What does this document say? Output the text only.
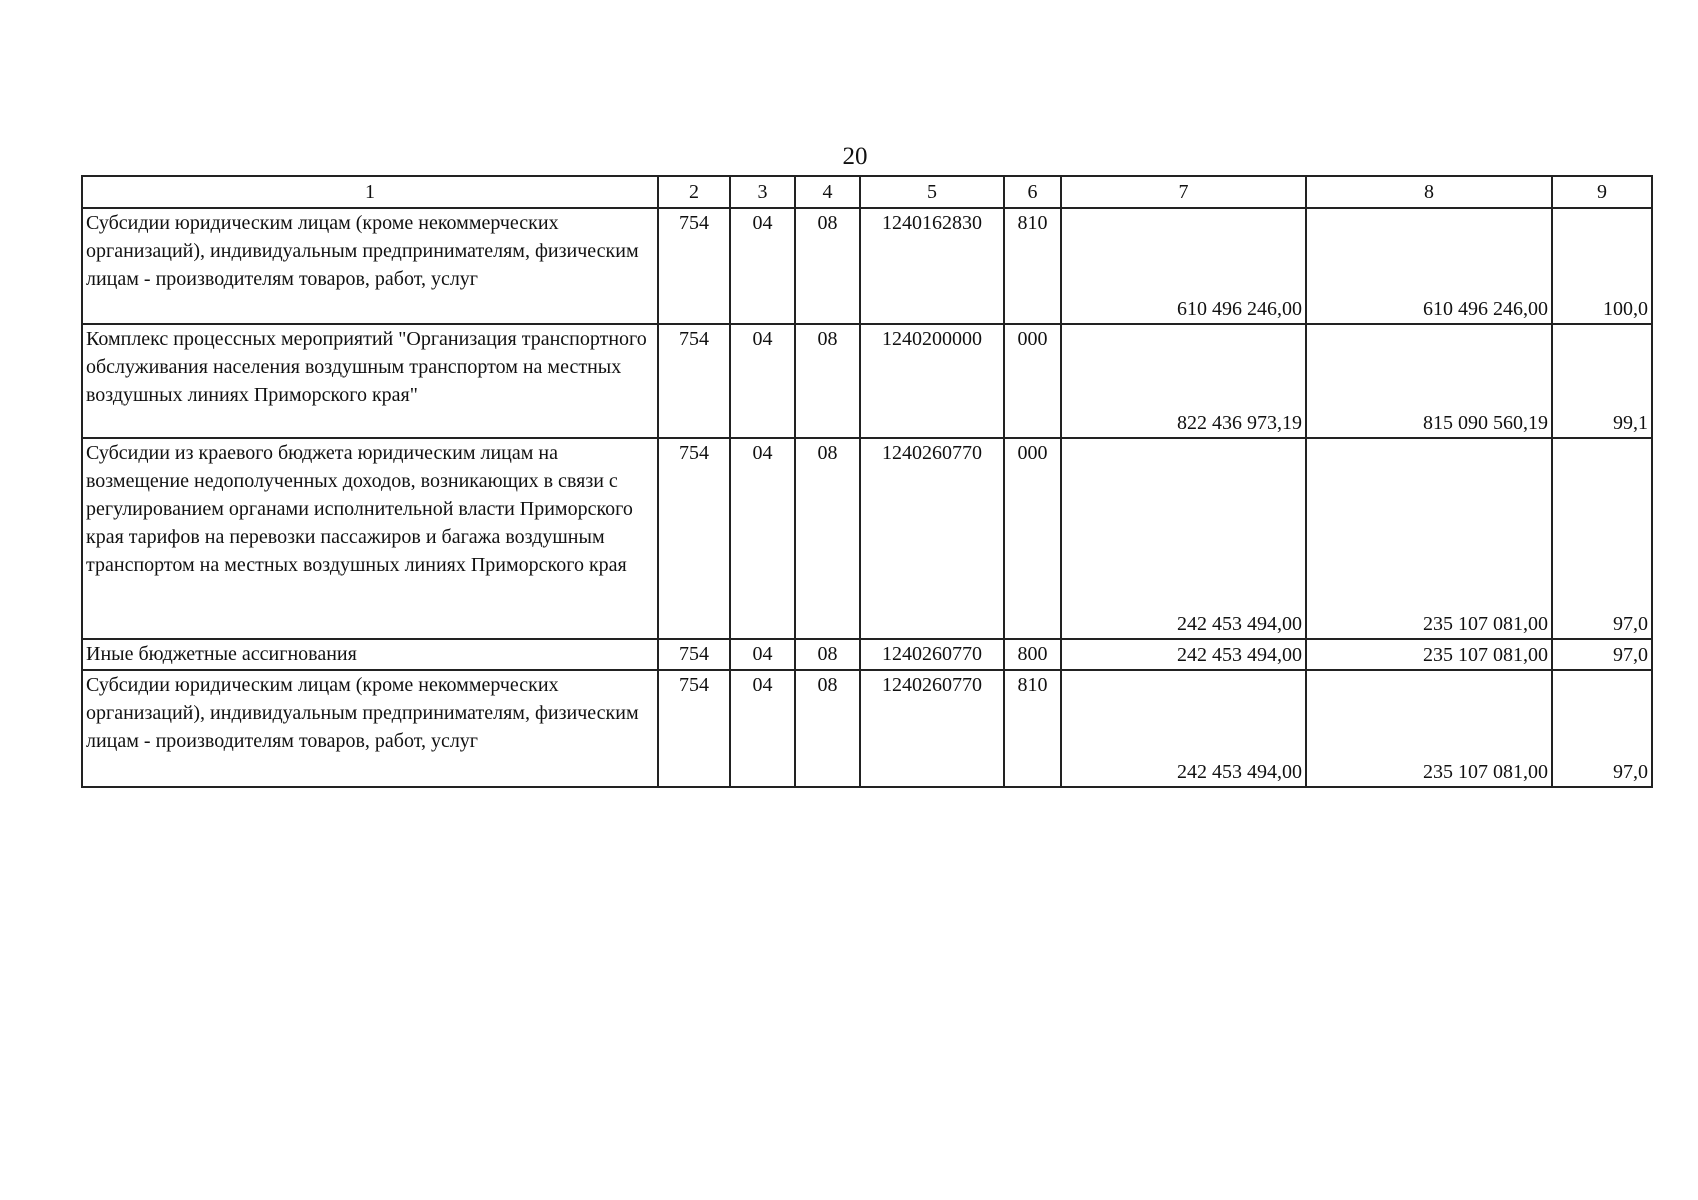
20
1	2	3	4	5	6	7	8	9
Субсидии юридическим лицам (кроме некоммерческих организаций), индивидуальным предпринимателям, физическим лицам - производителям товаров, работ, услуг	754	04	08	1240162830	810	610 496 246,00	610 496 246,00	100,0
Комплекс процессных мероприятий "Организация транспортного обслуживания населения воздушным транспортом на местных воздушных линиях Приморского края"	754	04	08	1240200000	000	822 436 973,19	815 090 560,19	99,1
Субсидии из краевого бюджета юридическим лицам на возмещение недополученных доходов, возникающих в связи с регулированием органами исполнительной власти Приморского края тарифов на перевозки пассажиров и багажа воздушным транспортом на местных воздушных линиях Приморского края	754	04	08	1240260770	000	242 453 494,00	235 107 081,00	97,0
Иные бюджетные ассигнования	754	04	08	1240260770	800	242 453 494,00	235 107 081,00	97,0
Субсидии юридическим лицам (кроме некоммерческих организаций), индивидуальным предпринимателям, физическим лицам - производителям товаров, работ, услуг	754	04	08	1240260770	810	242 453 494,00	235 107 081,00	97,0
